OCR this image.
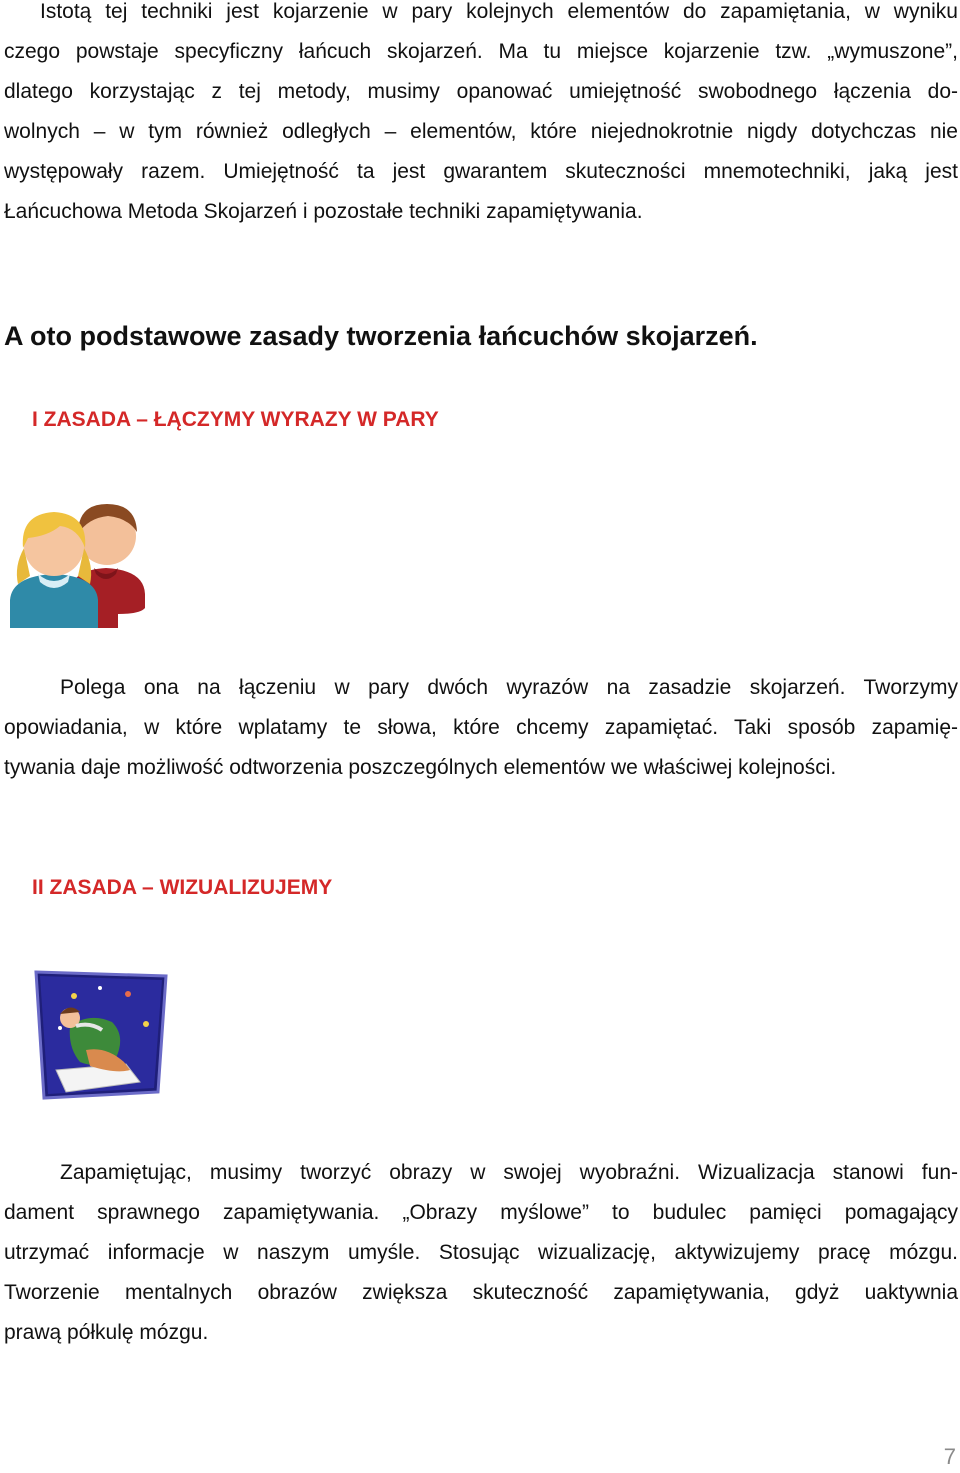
Istotą tej techniki jest kojarzenie w pary kolejnych elementów do zapamiętania, w wyniku
czego powstaje specyficzny łańcuch skojarzeń. Ma tu miejsce kojarzenie tzw. „wymuszone”,
dlatego korzystając z tej metody, musimy opanować umiejętność swobodnego łączenia do-
wolnych – w tym również odległych – elementów, które niejednokrotnie nigdy dotychczas nie
występowały razem. Umiejętność ta jest gwarantem skuteczności mnemotechniki, jaką jest
Łańcuchowa Metoda Skojarzeń i pozostałe techniki zapamiętywania.
A oto podstawowe zasady tworzenia łańcuchów skojarzeń.
I ZASADA – ŁĄCZYMY WYRAZY W PARY
Polega ona na łączeniu w pary dwóch wyrazów na zasadzie skojarzeń. Tworzymy
opowiadania, w które wplatamy te słowa, które chcemy zapamiętać. Taki sposób zapamię-
tywania daje możliwość odtworzenia poszczególnych elementów we właściwej kolejności.
II ZASADA – WIZUALIZUJEMY
Zapamiętując, musimy tworzyć obrazy w swojej wyobraźni. Wizualizacja stanowi fun-
dament sprawnego zapamiętywania. „Obrazy myślowe” to budulec pamięci pomagający
utrzymać informacje w naszym umyśle. Stosując wizualizację, aktywizujemy pracę mózgu.
Tworzenie mentalnych obrazów zwiększa skuteczność zapamiętywania, gdyż uaktywnia
prawą półkulę mózgu.
7
